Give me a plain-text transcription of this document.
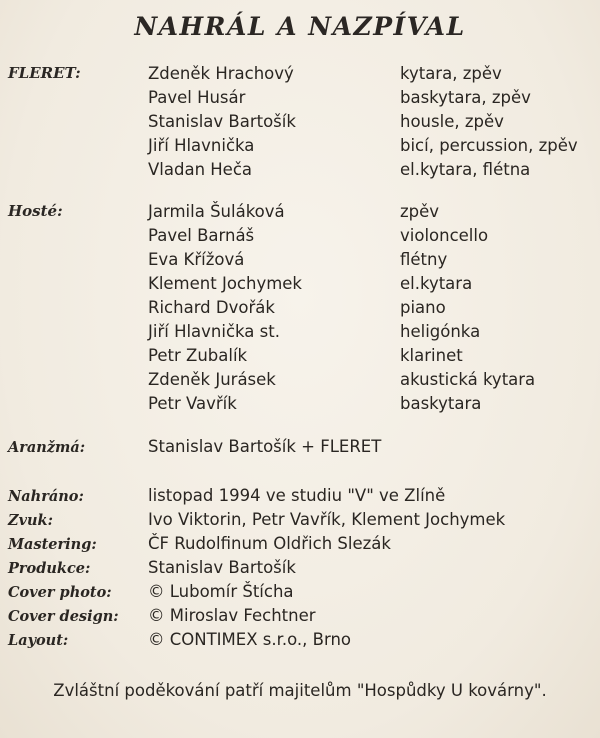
NAHRÁL A NAZPÍVAL
FLERET:	Zdeněk Hrachový	kytara, zpěv
Pavel Husár	baskytara, zpěv
Stanislav Bartošík	housle, zpěv
Jiří Hlavnička	bicí, percussion, zpěv
Vladan Heča	el.kytara, flétna
Hosté:	Jarmila Šuláková	zpěv
Pavel Barnáš	violoncello
Eva Křížová	flétny
Klement Jochymek	el.kytara
Richard Dvořák	piano
Jiří Hlavnička st.	heligónka
Petr Zubalík	klarinet
Zdeněk Jurásek	akustická kytara
Petr Vavřík	baskytara
Aranžmá:	Stanislav Bartošík + FLERET
Nahráno:	listopad 1994 ve studiu "V" ve Zlíně
Zvuk:	Ivo Viktorin, Petr Vavřík, Klement Jochymek
Mastering:	ČF Rudolfinum Oldřich Slezák
Produkce:	Stanislav Bartošík
Cover photo: © Lubomír Štícha
Cover design: © Miroslav Fechtner
Layout:	© CONTIMEX s.r.o., Brno
Zvláštní poděkování patří majitelům "Hospůdky U kovárny".
